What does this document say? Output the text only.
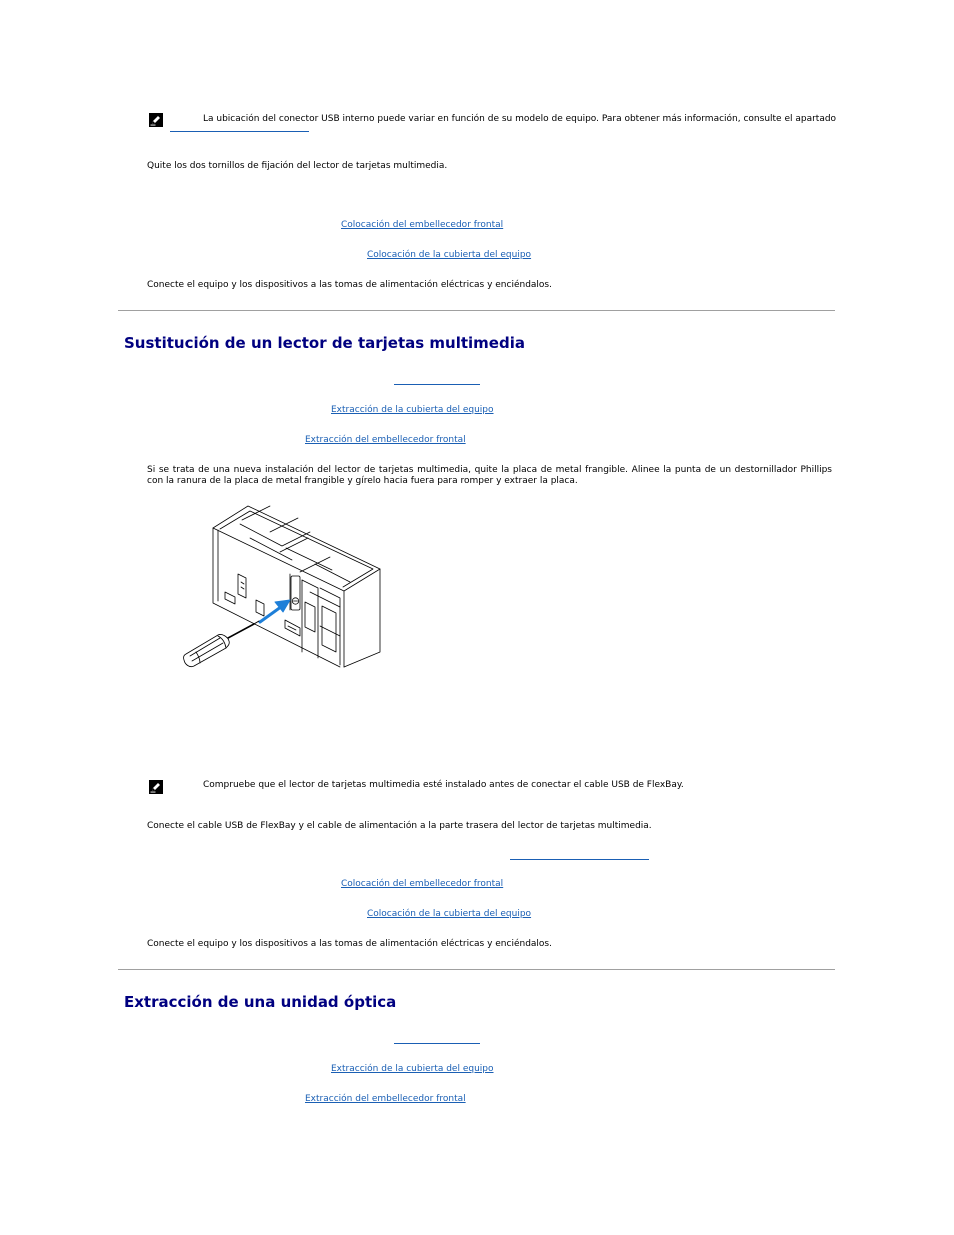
La ubicación del conector USB interno puede variar en función de su modelo de equipo. Para obtener más información, consulte el apartado
Quite los dos tornillos de fijación del lector de tarjetas multimedia.
Colocación del embellecedor frontal
Colocación de la cubierta del equipo
Conecte el equipo y los dispositivos a las tomas de alimentación eléctricas y enciéndalos.
Sustitución de un lector de tarjetas multimedia
Extracción de la cubierta del equipo
Extracción del embellecedor frontal
Si se trata de una nueva instalación del lector de tarjetas multimedia, quite la placa de metal frangible. Alinee la punta de un destornillador Phillips con la ranura de la placa de metal frangible y gírelo hacia fuera para romper y extraer la placa.
Compruebe que el lector de tarjetas multimedia esté instalado antes de conectar el cable USB de FlexBay.
Conecte el cable USB de FlexBay y el cable de alimentación a la parte trasera del lector de tarjetas multimedia.
Colocación del embellecedor frontal
Colocación de la cubierta del equipo
Conecte el equipo y los dispositivos a las tomas de alimentación eléctricas y enciéndalos.
Extracción de una unidad óptica
Extracción de la cubierta del equipo
Extracción del embellecedor frontal
